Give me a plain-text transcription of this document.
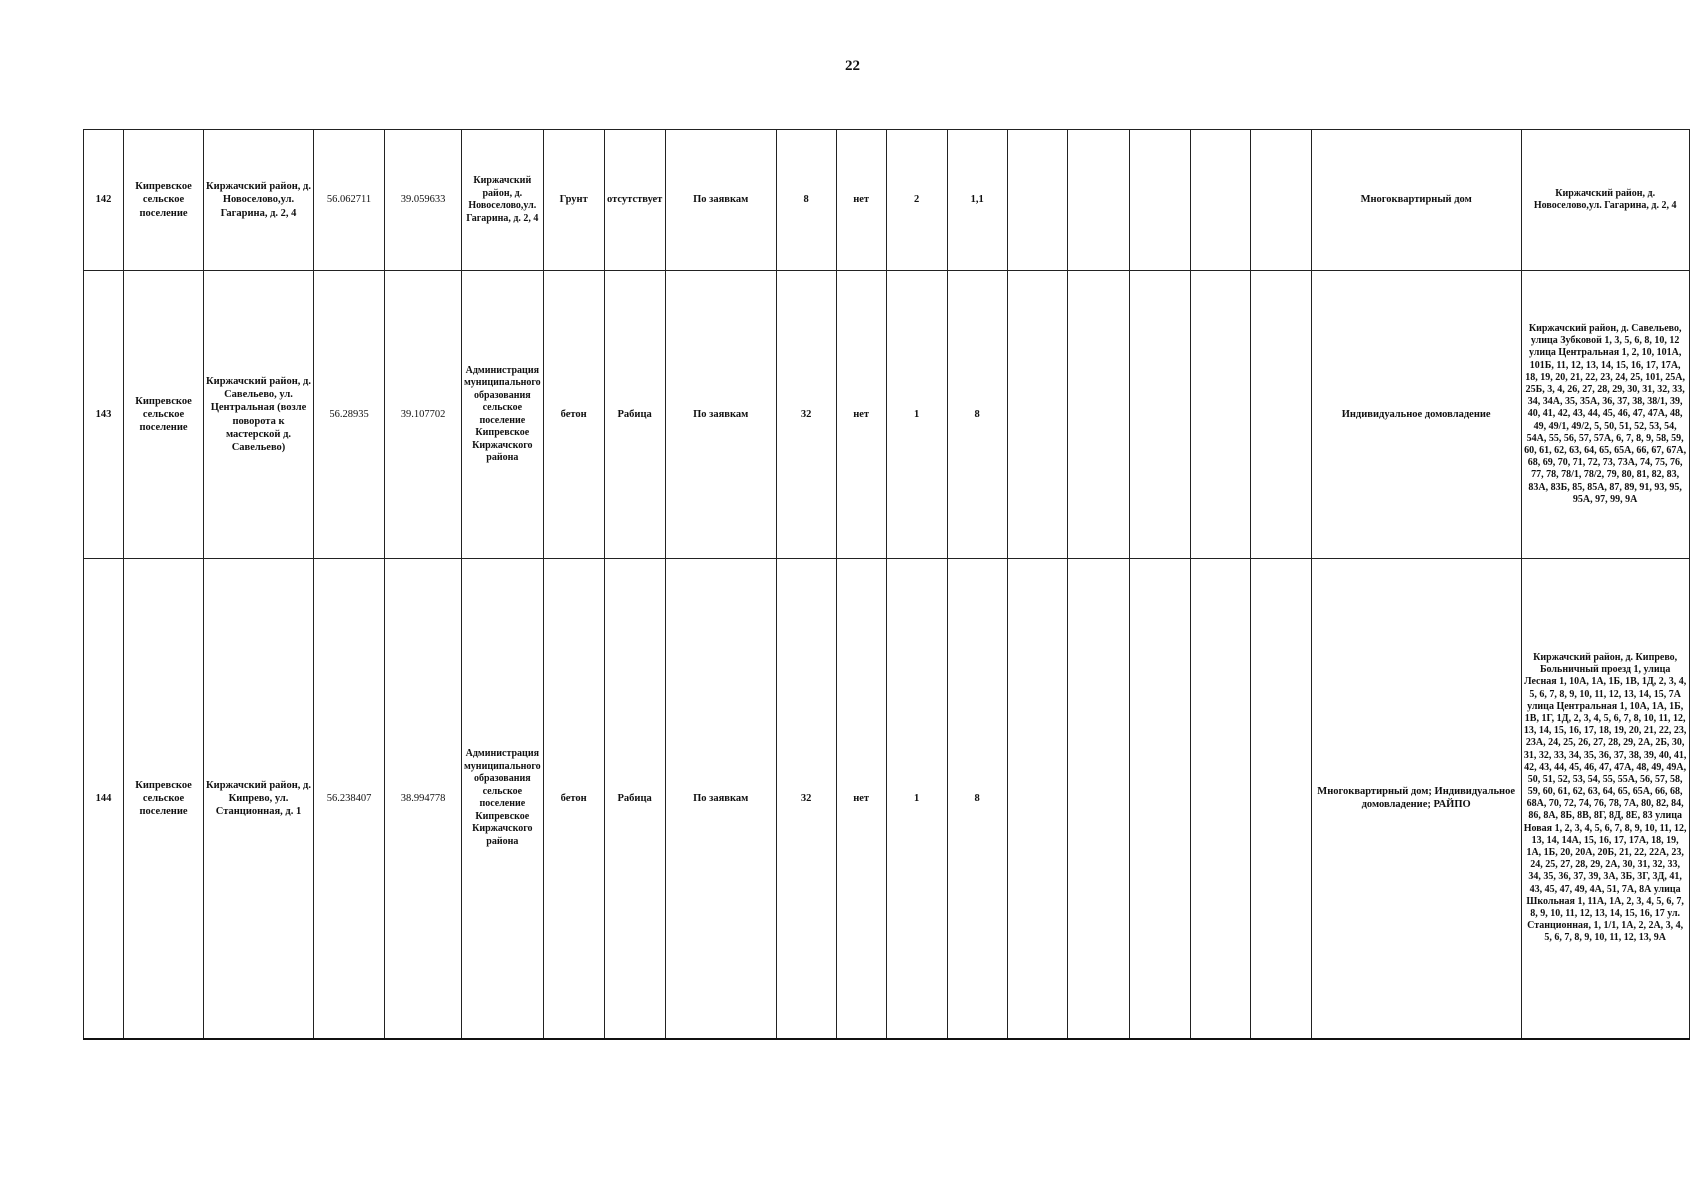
22
142	Кипревское сельское поселение	Киржачский район, д. Новоселово,ул. Гагарина, д. 2, 4	56.062711	39.059633	Киржачский район, д. Новоселово,ул. Гагарина, д. 2, 4	Грунт	отсутствует	По заявкам	8	нет	2	1,1						Многоквартирный дом	Киржачский район, д. Новоселово,ул. Гагарина, д. 2, 4
143	Кипревское сельское поселение	Киржачский район, д. Савельево, ул. Центральная (возле поворота к мастерской д. Савельево)	56.28935	39.107702	Администрация муниципального образования сельское поселение Кипревское Киржачского района	бетон	Рабица	По заявкам	32	нет	1	8						Индивидуальное домовладение	Киржачский район, д. Савельево, улица Зубковой 1, 3, 5, 6, 8, 10, 12 улица Центральная 1, 2, 10, 101А, 101Б, 11, 12, 13, 14, 15, 16, 17, 17А, 18, 19, 20, 21, 22, 23, 24, 25, 101, 25А, 25Б, 3, 4, 26, 27, 28, 29, 30, 31, 32, 33, 34, 34А, 35, 35А, 36, 37, 38, 38/1, 39, 40, 41, 42, 43, 44, 45, 46, 47, 47А, 48, 49, 49/1, 49/2, 5, 50, 51, 52, 53, 54, 54А, 55, 56, 57, 57А, 6, 7, 8, 9, 58, 59, 60, 61, 62, 63, 64, 65, 65А, 66, 67, 67А, 68, 69, 70, 71, 72, 73, 73А, 74, 75, 76, 77, 78, 78/1, 78/2, 79, 80, 81, 82, 83, 83А, 83Б, 85, 85А, 87, 89, 91, 93, 95, 95А, 97, 99, 9А
144	Кипревское сельское поселение	Киржачский район, д. Кипрево, ул. Станционная, д. 1	56.238407	38.994778	Администрация муниципального образования сельское поселение Кипревское Киржачского района	бетон	Рабица	По заявкам	32	нет	1	8						Многоквартирный дом; Индивидуальное домовладение; РАЙПО	Киржачский район, д. Кипрево, Больничный проезд 1, улица Лесная 1, 10А, 1А, 1Б, 1В, 1Д, 2, 3, 4, 5, 6, 7, 8, 9, 10, 11, 12, 13, 14, 15, 7А улица Центральная 1, 10А, 1А, 1Б, 1В, 1Г, 1Д, 2, 3, 4, 5, 6, 7, 8, 10, 11, 12, 13, 14, 15, 16, 17, 18, 19, 20, 21, 22, 23, 23А, 24, 25, 26, 27, 28, 29, 2А, 2Б, 30, 31, 32, 33, 34, 35, 36, 37, 38, 39, 40, 41, 42, 43, 44, 45, 46, 47, 47А, 48, 49, 49А, 50, 51, 52, 53, 54, 55, 55А, 56, 57, 58, 59, 60, 61, 62, 63, 64, 65, 65А, 66, 68, 68А, 70, 72, 74, 76, 78, 7А, 80, 82, 84, 86, 8А, 8Б, 8В, 8Г, 8Д, 8Е, 83 улица Новая 1, 2, 3, 4, 5, 6, 7, 8, 9, 10, 11, 12, 13, 14, 14А, 15, 16, 17, 17А, 18, 19, 1А, 1Б, 20, 20А, 20Б, 21, 22, 22А, 23, 24, 25, 27, 28, 29, 2А, 30, 31, 32, 33, 34, 35, 36, 37, 39, 3А, 3Б, 3Г, 3Д, 41, 43, 45, 47, 49, 4А, 51, 7А, 8А улица Школьная 1, 11А, 1А, 2, 3, 4, 5, 6, 7, 8, 9, 10, 11, 12, 13, 14, 15, 16, 17 ул. Станционная, 1, 1/1, 1А, 2, 2А, 3, 4, 5, 6, 7, 8, 9, 10, 11, 12, 13, 9А
